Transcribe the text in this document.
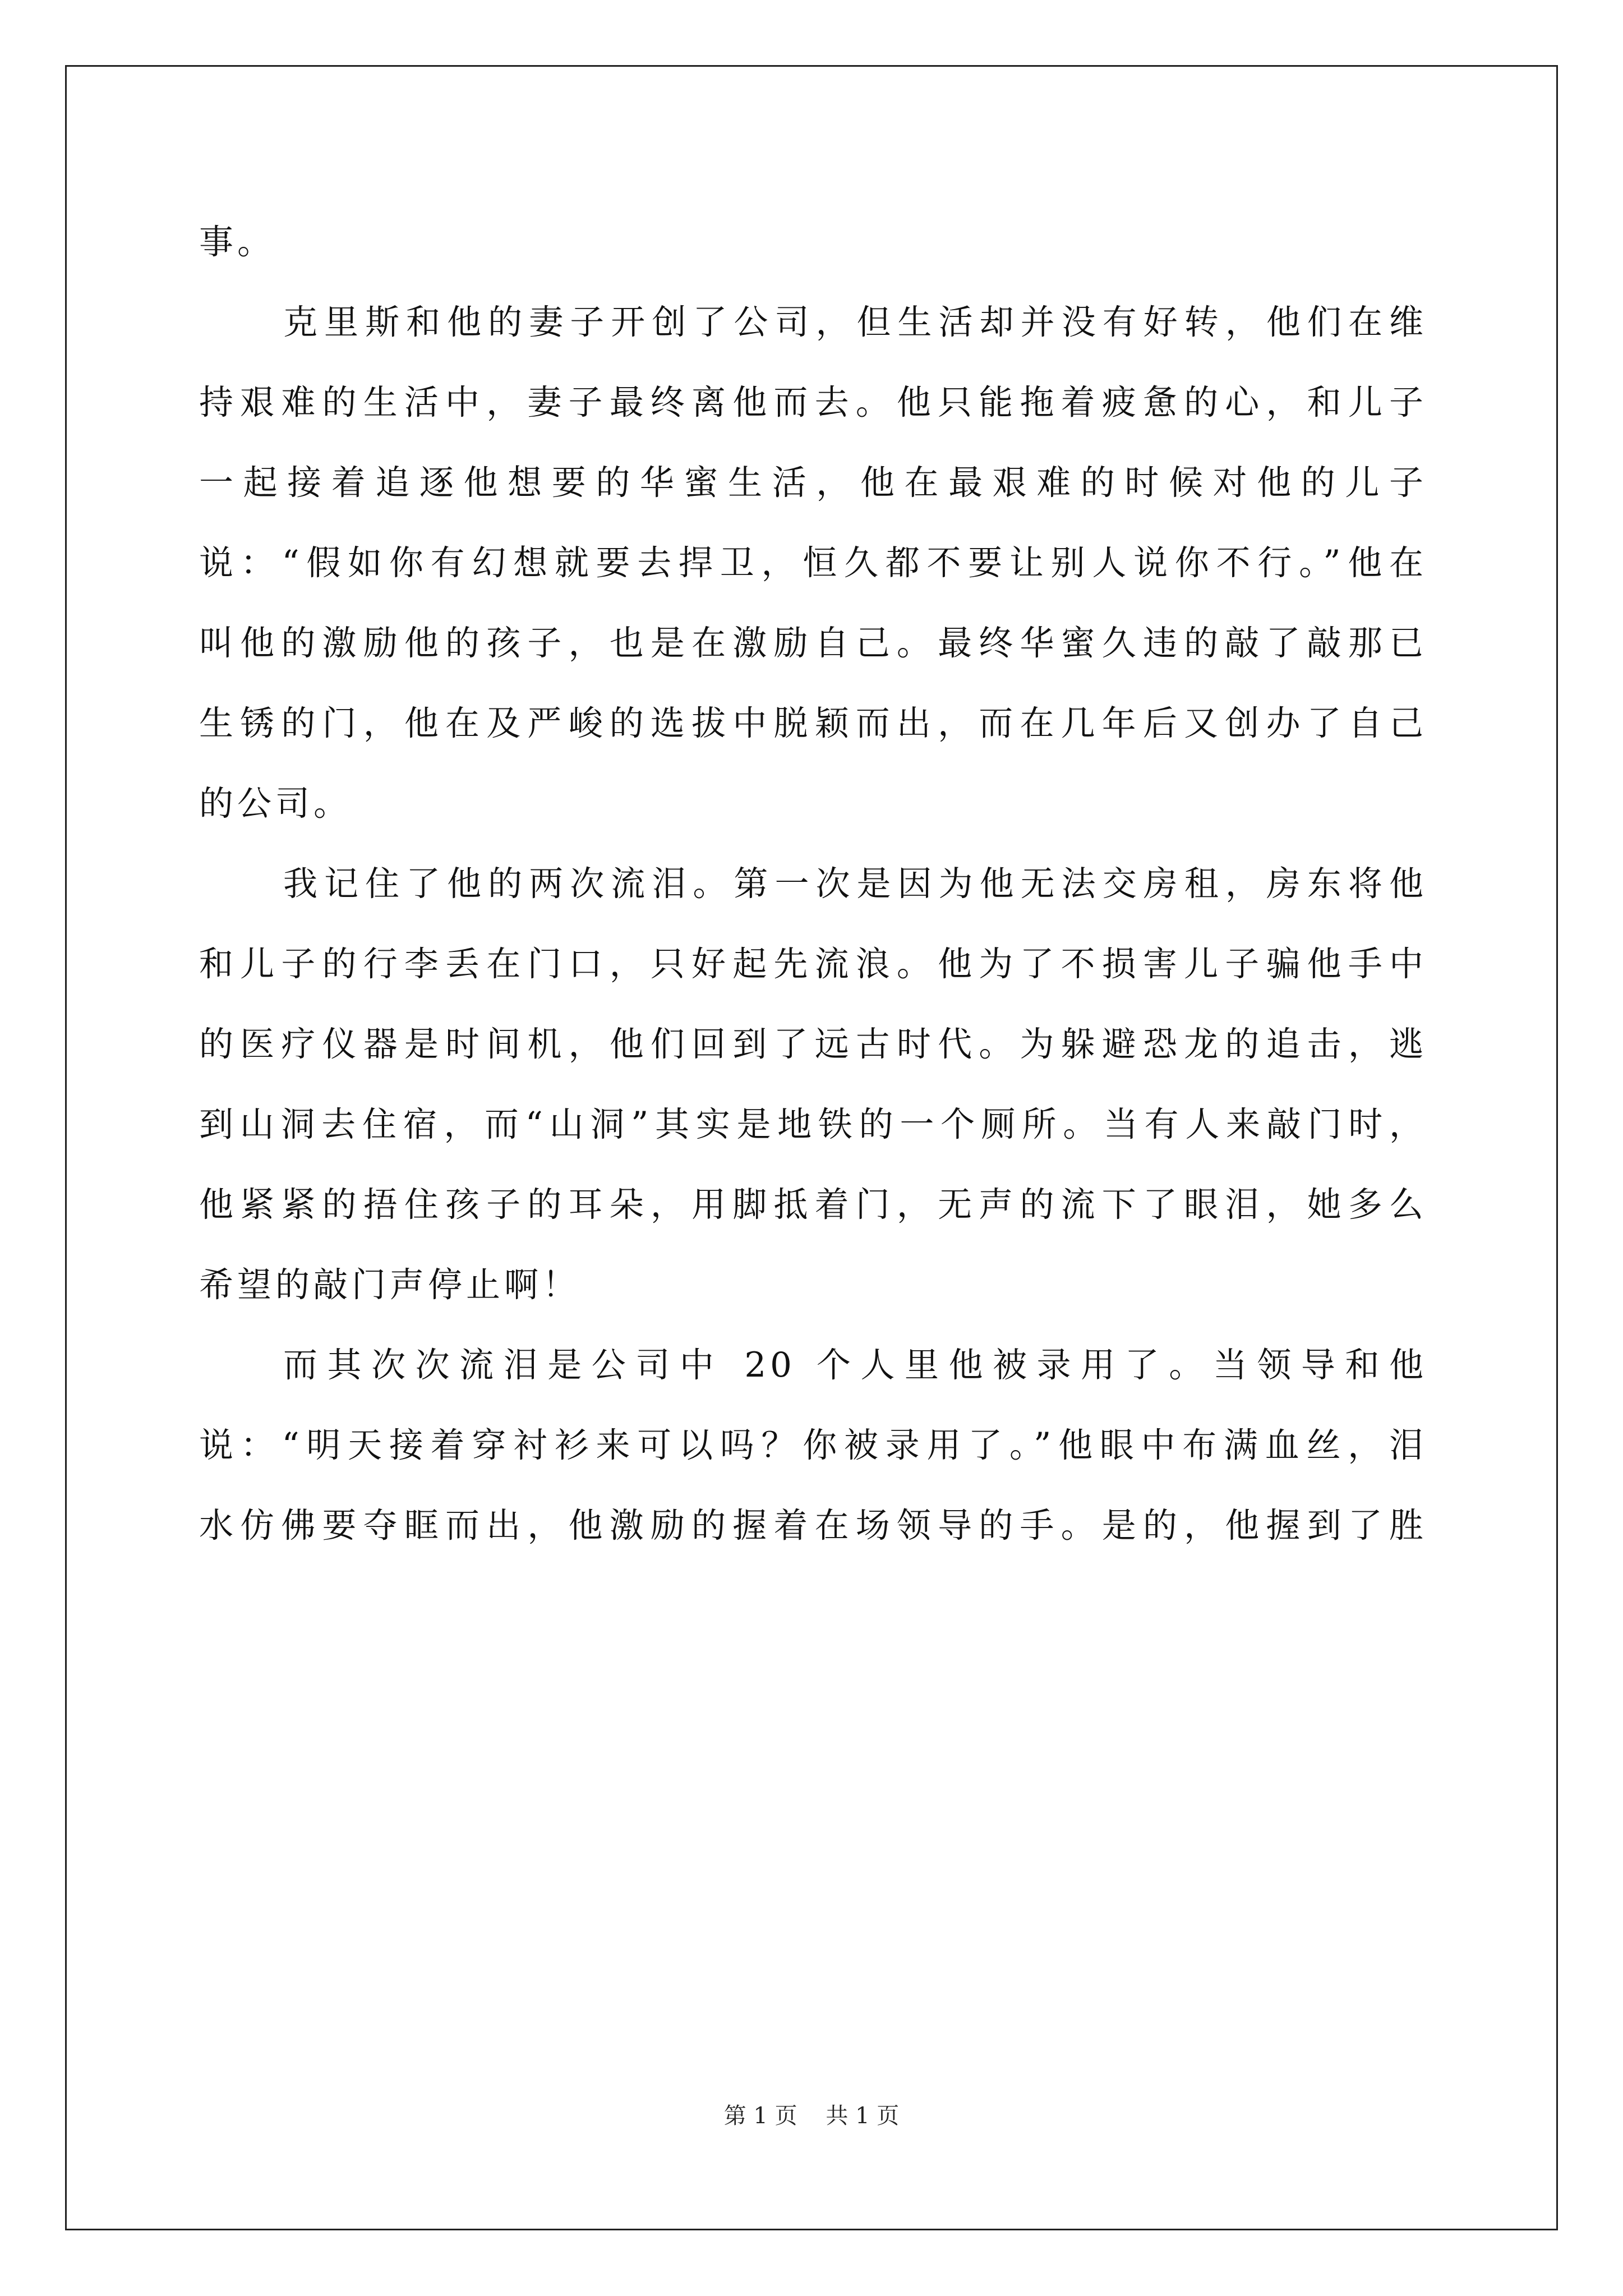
事。
克里斯和他的妻子开创了公司，但生活却并没有好转，他们在维
持艰难的生活中，妻子最终离他而去。他只能拖着疲惫的心，和儿子
一起接着追逐他想要的华蜜生活，他在最艰难的时候对他的儿子
说：“假如你有幻想就要去捍卫，恒久都不要让别人说你不行。”他在
叫他的激励他的孩子，也是在激励自己。最终华蜜久违的敲了敲那已
生锈的门，他在及严峻的选拔中脱颖而出，而在几年后又创办了自己
的公司。
我记住了他的两次流泪。第一次是因为他无法交房租，房东将他
和儿子的行李丢在门口，只好起先流浪。他为了不损害儿子骗他手中
的医疗仪器是时间机，他们回到了远古时代。为躲避恐龙的追击，逃
到山洞去住宿，而“山洞”其实是地铁的一个厕所。当有人来敲门时，
他紧紧的捂住孩子的耳朵，用脚抵着门，无声的流下了眼泪，她多么
希望的敲门声停止啊！
而其次次流泪是公司中 20 个人里他被录用了。当领导和他
说：“明天接着穿衬衫来可以吗？你被录用了。”他眼中布满血丝，泪
水仿佛要夺眶而出，他激励的握着在场领导的手。是的，他握到了胜
第 1 页    共 1 页
